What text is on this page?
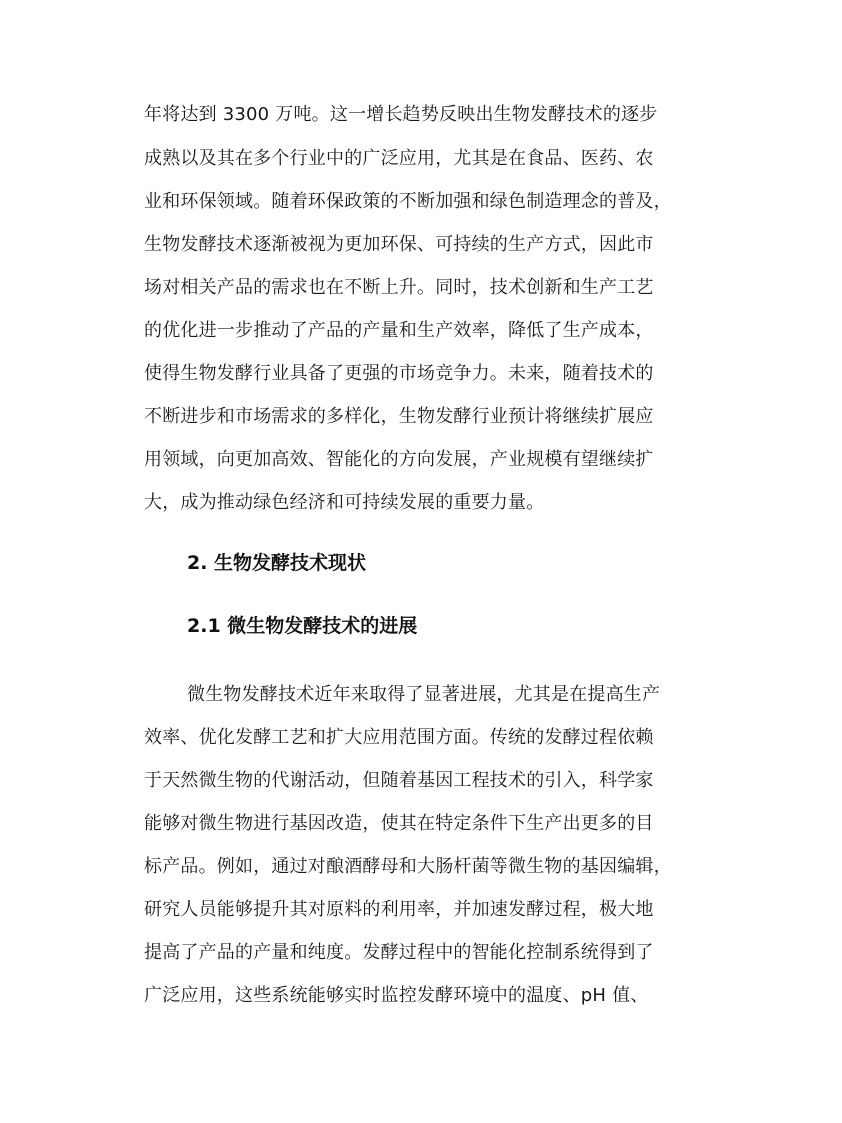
年将达到 3300 万吨。这一增长趋势反映出生物发酵技术的逐步
成熟以及其在多个行业中的广泛应用，尤其是在食品、医药、农
业和环保领域。随着环保政策的不断加强和绿色制造理念的普及，
生物发酵技术逐渐被视为更加环保、可持续的生产方式，因此市
场对相关产品的需求也在不断上升。同时，技术创新和生产工艺
的优化进一步推动了产品的产量和生产效率，降低了生产成本，
使得生物发酵行业具备了更强的市场竞争力。未来，随着技术的
不断进步和市场需求的多样化，生物发酵行业预计将继续扩展应
用领域，向更加高效、智能化的方向发展，产业规模有望继续扩
大，成为推动绿色经济和可持续发展的重要力量。
2. 生物发酵技术现状
2.1 微生物发酵技术的进展
微生物发酵技术近年来取得了显著进展，尤其是在提高生产
效率、优化发酵工艺和扩大应用范围方面。传统的发酵过程依赖
于天然微生物的代谢活动，但随着基因工程技术的引入，科学家
能够对微生物进行基因改造，使其在特定条件下生产出更多的目
标产品。例如，通过对酿酒酵母和大肠杆菌等微生物的基因编辑，
研究人员能够提升其对原料的利用率，并加速发酵过程，极大地
提高了产品的产量和纯度。发酵过程中的智能化控制系统得到了
广泛应用，这些系统能够实时监控发酵环境中的温度、pH 值、
